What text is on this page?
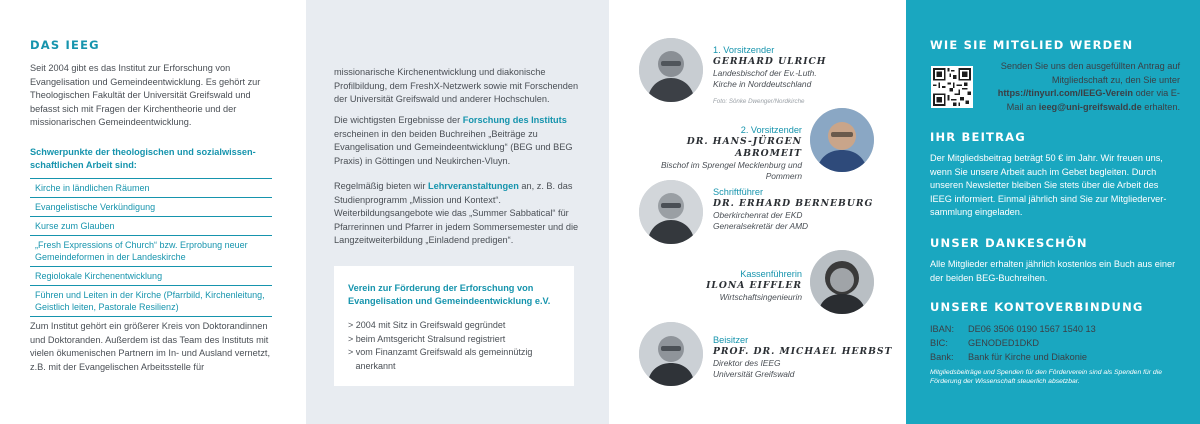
DAS IEEG

Seit 2004 gibt es das Institut zur Erforschung von Evangelisation und Gemeindeentwicklung. Es gehört zur Theologischen Fakultät der Universität Greifswald und befasst sich mit Fragen der Kirchentheorie und der missionarischen Gemeindeentwicklung.

Schwerpunkte der theologischen und sozialwissen-schaftlichen Arbeit sind:

Kirche in ländlichen Räumen
Evangelistische Verkündigung
Kurse zum Glauben
„Fresh Expressions of Church“ bzw. Erprobung neuer Gemeindeformen in der Landeskirche
Regiolokale Kirchenentwicklung
Führen und Leiten in der Kirche (Pfarrbild, Kirchenleitung, Geistlich leiten, Pastorale Resilienz)

Zum Institut gehört ein größerer Kreis von Doktorandinnen und Doktoranden. Außerdem ist das Team des Instituts mit vielen ökumenischen Partnern im In- und Ausland vernetzt, z.B. mit der Evangelischen Arbeitsstelle für

missionarische Kirchenentwicklung und diakonische Profilbildung, dem FreshX-Netzwerk sowie mit Forschenden der Universität Greifswald und anderer Hochschulen.

Die wichtigsten Ergebnisse der Forschung des Instituts erscheinen in den beiden Buchreihen „Beiträge zu Evangelisation und Gemeindeentwicklung“ (BEG und BEG Praxis) in Göttingen und Neukirchen-Vluyn.

Regelmäßig bieten wir Lehrveranstaltungen an, z. B. das Studienprogramm „Mission und Kontext“. Weiterbildungsangebote wie das „Summer Sabbatical“ für Pfarrerinnen und Pfarrer in jedem Sommersemester und die Langzeitweiterbildung „Einladend predigen“.

Verein zur Förderung der Erforschung von Evangelisation und Gemeindeentwicklung e.V.

> 2004 mit Sitz in Greifswald gegründet
> beim Amtsgericht Stralsund registriert
> vom Finanzamt Greifswald als gemeinnützig
anerkannt
1. Vorsitzender
GERHARD ULRICH
Landesbischof der Ev.-Luth.
Kirche in Norddeutschland
Foto: Sönke Dwenger/Nordkirche
2. Vorsitzender
DR. HANS-JÜRGEN ABROMEIT
Bischof im Sprengel Mecklenburg und
Pommern
Schriftführer
DR. ERHARD BERNEBURG
Oberkirchenrat der EKD
Generalsekretär der AMD
Kassenführerin
ILONA EIFFLER
Wirtschaftsingenieurin
Beisitzer
PROF. DR. MICHAEL HERBST
Direktor des IEEG
Universität Greifswald
WIE SIE MITGLIED WERDEN

Senden Sie uns den ausgefüllten Antrag auf Mitgliedschaft zu, den Sie unter https://tinyurl.com/IEEG-Verein oder via E-Mail an ieeg@uni-greifswald.de erhalten.

IHR BEITRAG

Der Mitgliedsbeitrag beträgt 50 € im Jahr. Wir freuen uns, wenn Sie unsere Arbeit auch im Gebet begleiten. Durch unseren Newsletter bleiben Sie stets über die Arbeit des IEEG informiert. Einmal jährlich sind Sie zur Mitgliederver-sammlung eingeladen.

UNSER DANKESCHÖN

Alle Mitglieder erhalten jährlich kostenlos ein Buch aus einer der beiden BEG-Buchreihen.

UNSERE KONTOVERBINDUNG
IBAN: DE06 3506 0190 1567 1540 13
BIC: GENODED1DKD
Bank: Bank für Kirche und Diakonie

Mitgliedsbeiträge und Spenden für den Förderverein sind als Spenden für die Förderung der Wissenschaft steuerlich absetzbar.
